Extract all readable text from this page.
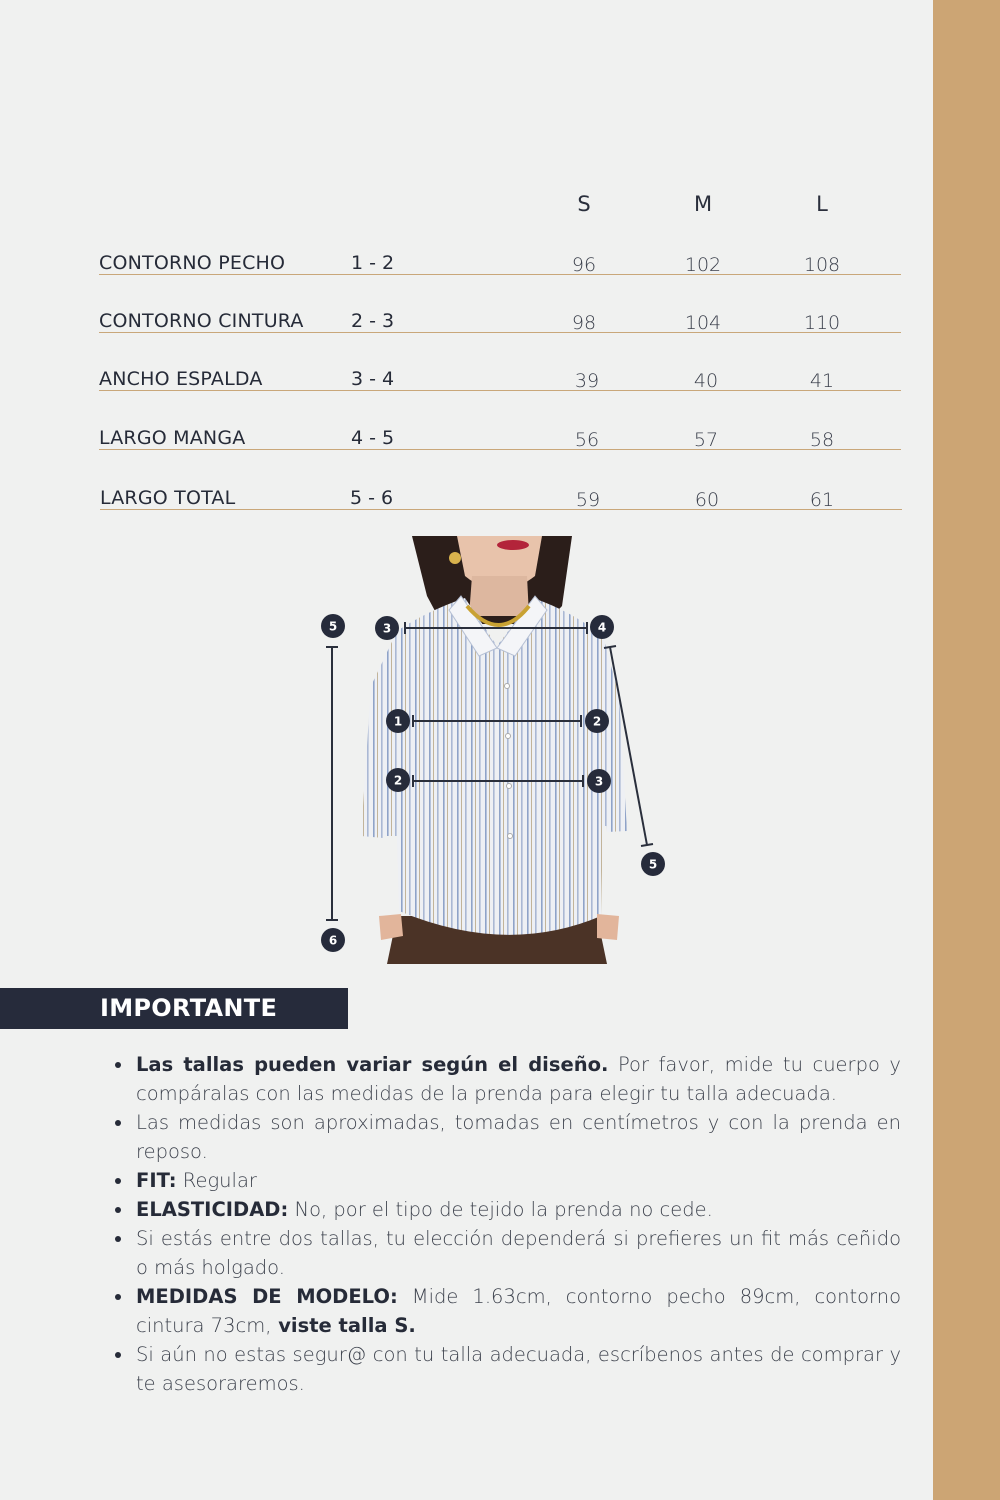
S	M	L
CONTORNO PECHO	1 - 2	96	102	108
CONTORNO CINTURA 2 - 3	98	104	110
ANCHO ESPALDA	3 - 4	39	40	41
LARGO MANGA	4 - 5	56	57	58
LARGO TOTAL	5 - 6	59	60	61
5	3	4
1	2
2	3
5
6
IMPORTANTE
Las tallas pueden variar según el diseño. Por favor, mide tu cuerpo y compáralas con las medidas de la prenda para elegir tu talla adecuada.
Las medidas son aproximadas, tomadas en centímetros y con la prenda en reposo.
FIT: Regular
ELASTICIDAD: No, por el tipo de tejido la prenda no cede.
Si estás entre dos tallas, tu elección dependerá si prefieres un fit más ceñido o más holgado.
MEDIDAS DE MODELO: Mide 1.63cm, contorno pecho 89cm, contorno cintura 73cm, viste talla S.
Si aún no estas segur@ con tu talla adecuada, escríbenos antes de comprar y te asesoraremos.
